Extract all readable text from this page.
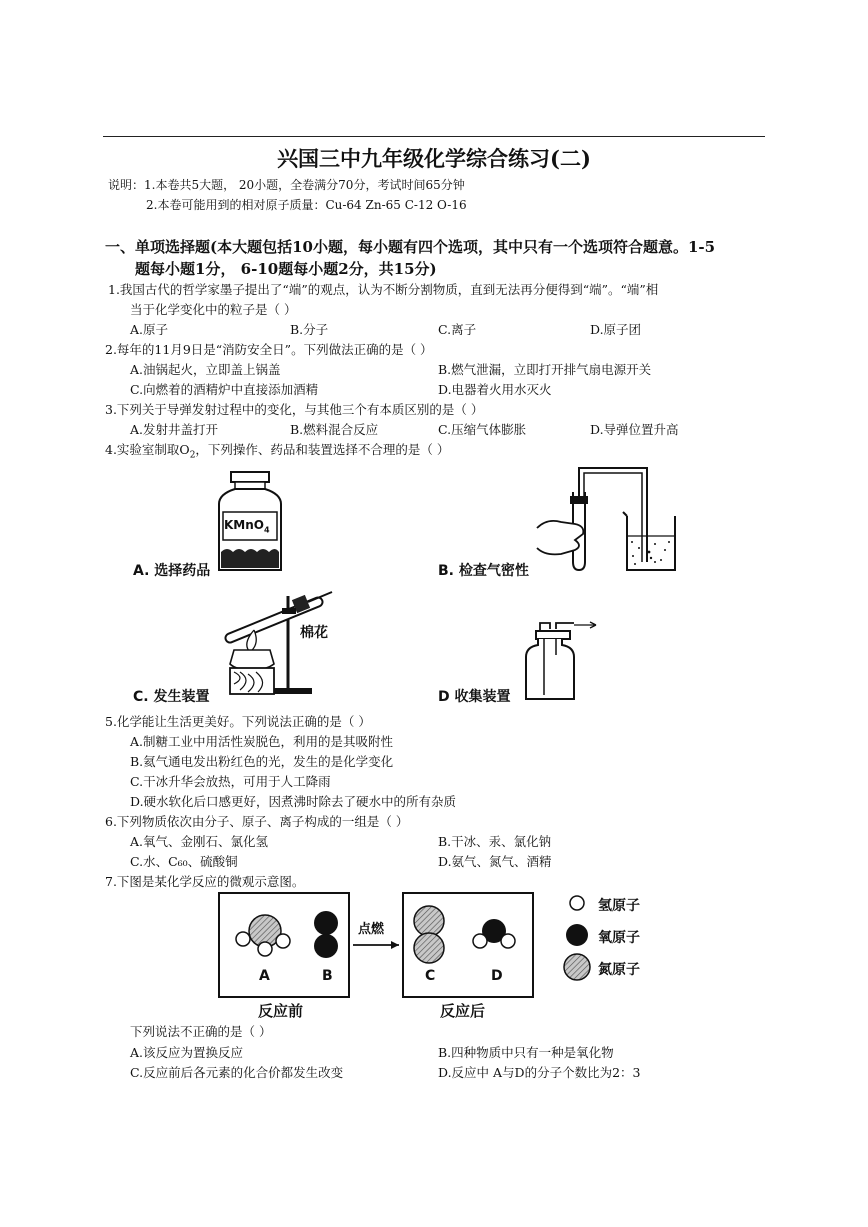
兴国三中九年级化学综合练习(二)
说明：1.本卷共5大题， 20小题，全卷满分70分，考试时间65分钟
2.本卷可能用到的相对原子质量：Cu-64 Zn-65 C-12 O-16
一、单项选择题(本大题包括10小题，每小题有四个选项，其中只有一个选项符合题意。1-5
题每小题1分， 6-10题每小题2分，共15分)
1.我国古代的哲学家墨子提出了“端”的观点，认为不断分割物质，直到无法再分便得到“端”。“端”相
当于化学变化中的粒子是（ ）
A.原子	B.分子	C.离子	D.原子团
2.每年的11月9日是“消防安全日”。下列做法正确的是（ ）
A.油锅起火，立即盖上锅盖	B.燃气泄漏，立即打开排气扇电源开关
C.向燃着的酒精炉中直接添加酒精	D.电器着火用水灭火
3.下列关于导弹发射过程中的变化，与其他三个有本质区别的是（ ）
A.发射井盖打开	B.燃料混合反应	C.压缩气体膨胀	D.导弹位置升高
4.实验室制取$O_2$，下列操作、药品和装置选择不合理的是（ ）
KMnO$_4$
A. 选择药品	B. 检查气密性
棉花
C. 发生装置	D 收集装置
5.化学能让生活更美好。下列说法正确的是（ ）
A.制糖工业中用活性炭脱色，利用的是其吸附性
B.氦气通电发出粉红色的光，发生的是化学变化
C.干冰升华会放热，可用于人工降雨
D.硬水软化后口感更好，因煮沸时除去了硬水中的所有杂质
6.下列物质依次由分子、原子、离子构成的一组是（ ）
A.氧气、金刚石、氯化氢	B.干冰、汞、氯化钠
C.水、C₆₀、硫酸铜	D.氨气、氮气、酒精
7.下图是某化学反应的微观示意图。
点燃
A	B	C	D
氢原子
氧原子
氮原子
反应前	反应后
下列说法不正确的是（ ）
A.该反应为置换反应	B.四种物质中只有一种是氧化物
C.反应前后各元素的化合价都发生改变	D.反应中 A与D的分子个数比为2：3
